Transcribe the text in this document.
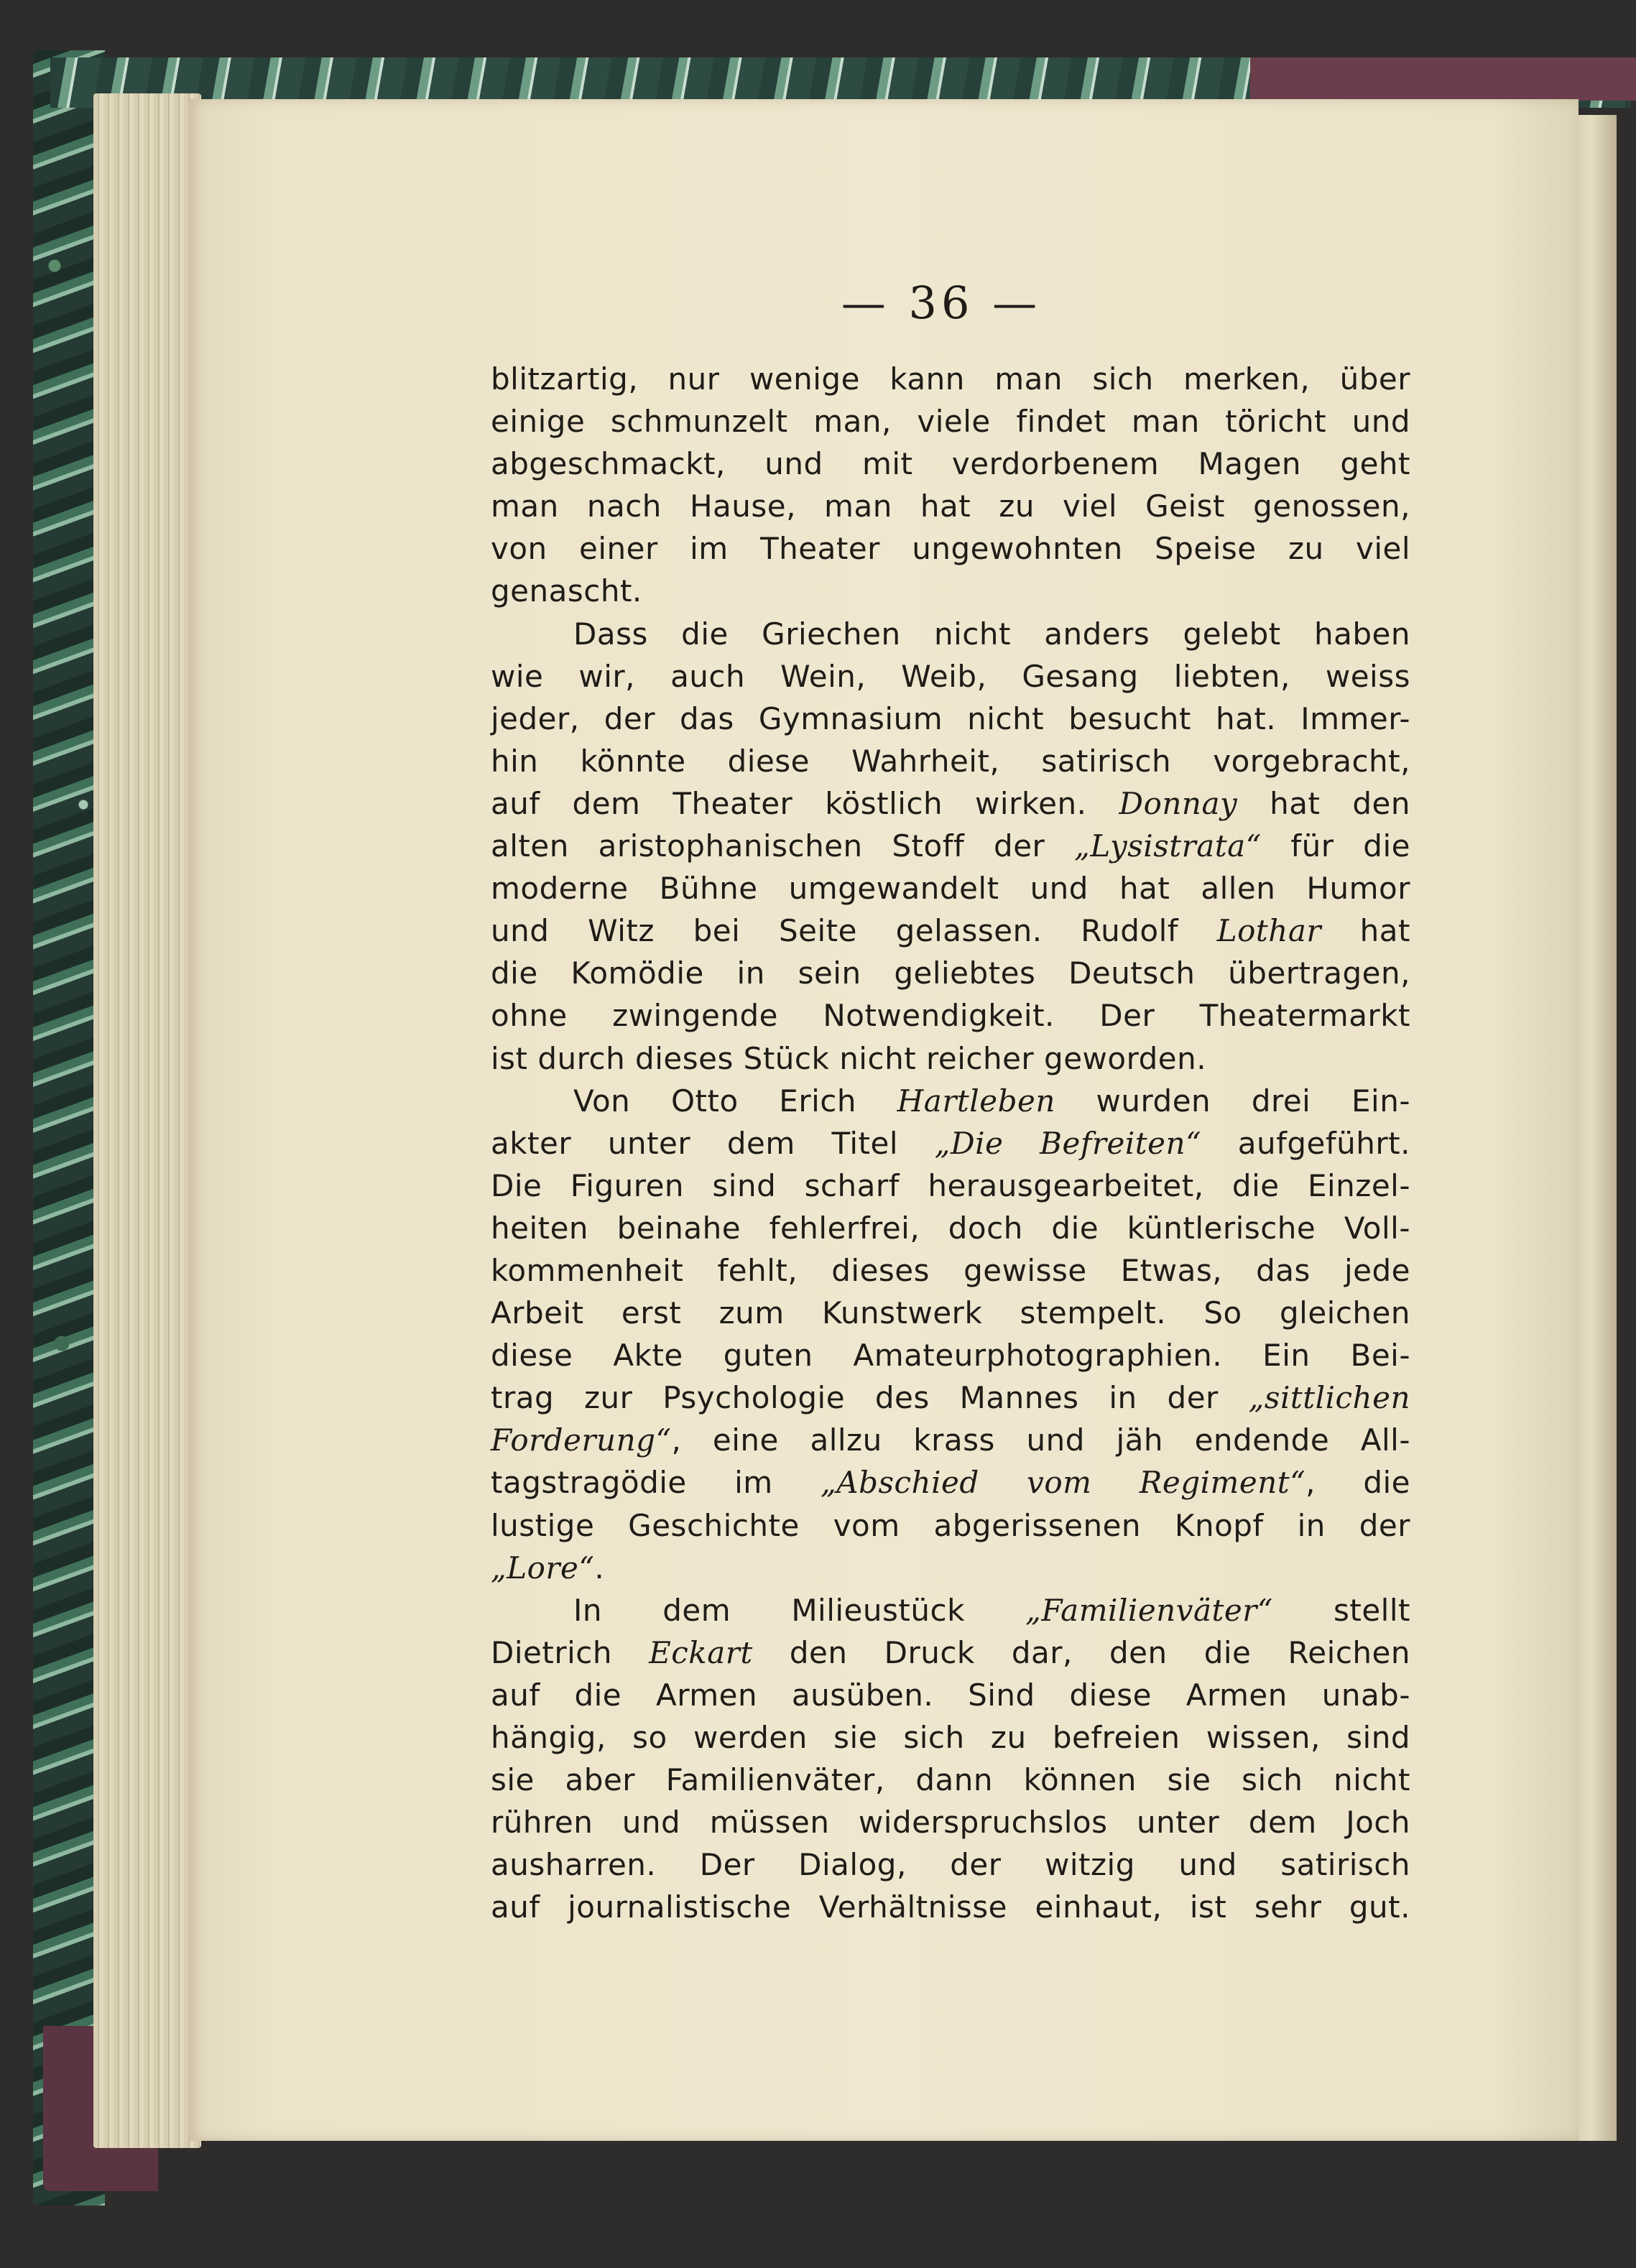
— 36 —
blitzartig, nur wenige kann man sich merken, über
einige schmunzelt man, viele findet man töricht und
abgeschmackt, und mit verdorbenem Magen geht
man nach Hause, man hat zu viel Geist genossen,
von einer im Theater ungewohnten Speise zu viel
genascht.
Dass die Griechen nicht anders gelebt haben
wie wir, auch Wein, Weib, Gesang liebten, weiss
jeder, der das Gymnasium nicht besucht hat. Immer-
hin könnte diese Wahrheit, satirisch vorgebracht,
auf dem Theater köstlich wirken. Donnay hat den
alten aristophanischen Stoff der „Lysistrata“ für die
moderne Bühne umgewandelt und hat allen Humor
und Witz bei Seite gelassen. Rudolf Lothar hat
die Komödie in sein geliebtes Deutsch übertragen,
ohne zwingende Notwendigkeit. Der Theatermarkt
ist durch dieses Stück nicht reicher geworden.
Von Otto Erich Hartleben wurden drei Ein-
akter unter dem Titel „Die Befreiten“ aufgeführt.
Die Figuren sind scharf herausgearbeitet, die Einzel-
heiten beinahe fehlerfrei, doch die küntlerische Voll-
kommenheit fehlt, dieses gewisse Etwas, das jede
Arbeit erst zum Kunstwerk stempelt. So gleichen
diese Akte guten Amateurphotographien. Ein Bei-
trag zur Psychologie des Mannes in der „sittlichen
Forderung“, eine allzu krass und jäh endende All-
tagstragödie im „Abschied vom Regiment“, die
lustige Geschichte vom abgerissenen Knopf in der
„Lore“.
In dem Milieustück „Familienväter“ stellt
Dietrich Eckart den Druck dar, den die Reichen
auf die Armen ausüben. Sind diese Armen unab-
hängig, so werden sie sich zu befreien wissen, sind
sie aber Familienväter, dann können sie sich nicht
rühren und müssen widerspruchslos unter dem Joch
ausharren. Der Dialog, der witzig und satirisch
auf journalistische Verhältnisse einhaut, ist sehr gut.
